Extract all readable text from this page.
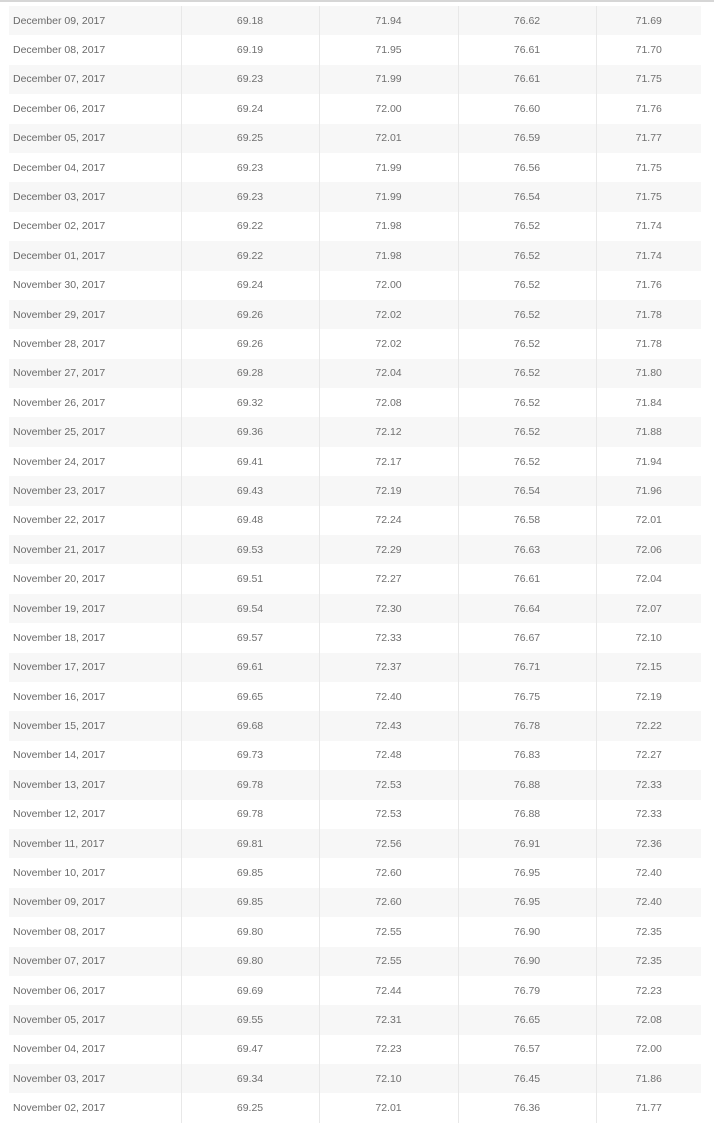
December 09, 2017	69.18	71.94	76.62	71.69
December 08, 2017	69.19	71.95	76.61	71.70
December 07, 2017	69.23	71.99	76.61	71.75
December 06, 2017	69.24	72.00	76.60	71.76
December 05, 2017	69.25	72.01	76.59	71.77
December 04, 2017	69.23	71.99	76.56	71.75
December 03, 2017	69.23	71.99	76.54	71.75
December 02, 2017	69.22	71.98	76.52	71.74
December 01, 2017	69.22	71.98	76.52	71.74
November 30, 2017	69.24	72.00	76.52	71.76
November 29, 2017	69.26	72.02	76.52	71.78
November 28, 2017	69.26	72.02	76.52	71.78
November 27, 2017	69.28	72.04	76.52	71.80
November 26, 2017	69.32	72.08	76.52	71.84
November 25, 2017	69.36	72.12	76.52	71.88
November 24, 2017	69.41	72.17	76.52	71.94
November 23, 2017	69.43	72.19	76.54	71.96
November 22, 2017	69.48	72.24	76.58	72.01
November 21, 2017	69.53	72.29	76.63	72.06
November 20, 2017	69.51	72.27	76.61	72.04
November 19, 2017	69.54	72.30	76.64	72.07
November 18, 2017	69.57	72.33	76.67	72.10
November 17, 2017	69.61	72.37	76.71	72.15
November 16, 2017	69.65	72.40	76.75	72.19
November 15, 2017	69.68	72.43	76.78	72.22
November 14, 2017	69.73	72.48	76.83	72.27
November 13, 2017	69.78	72.53	76.88	72.33
November 12, 2017	69.78	72.53	76.88	72.33
November 11, 2017	69.81	72.56	76.91	72.36
November 10, 2017	69.85	72.60	76.95	72.40
November 09, 2017	69.85	72.60	76.95	72.40
November 08, 2017	69.80	72.55	76.90	72.35
November 07, 2017	69.80	72.55	76.90	72.35
November 06, 2017	69.69	72.44	76.79	72.23
November 05, 2017	69.55	72.31	76.65	72.08
November 04, 2017	69.47	72.23	76.57	72.00
November 03, 2017	69.34	72.10	76.45	71.86
November 02, 2017	69.25	72.01	76.36	71.77
